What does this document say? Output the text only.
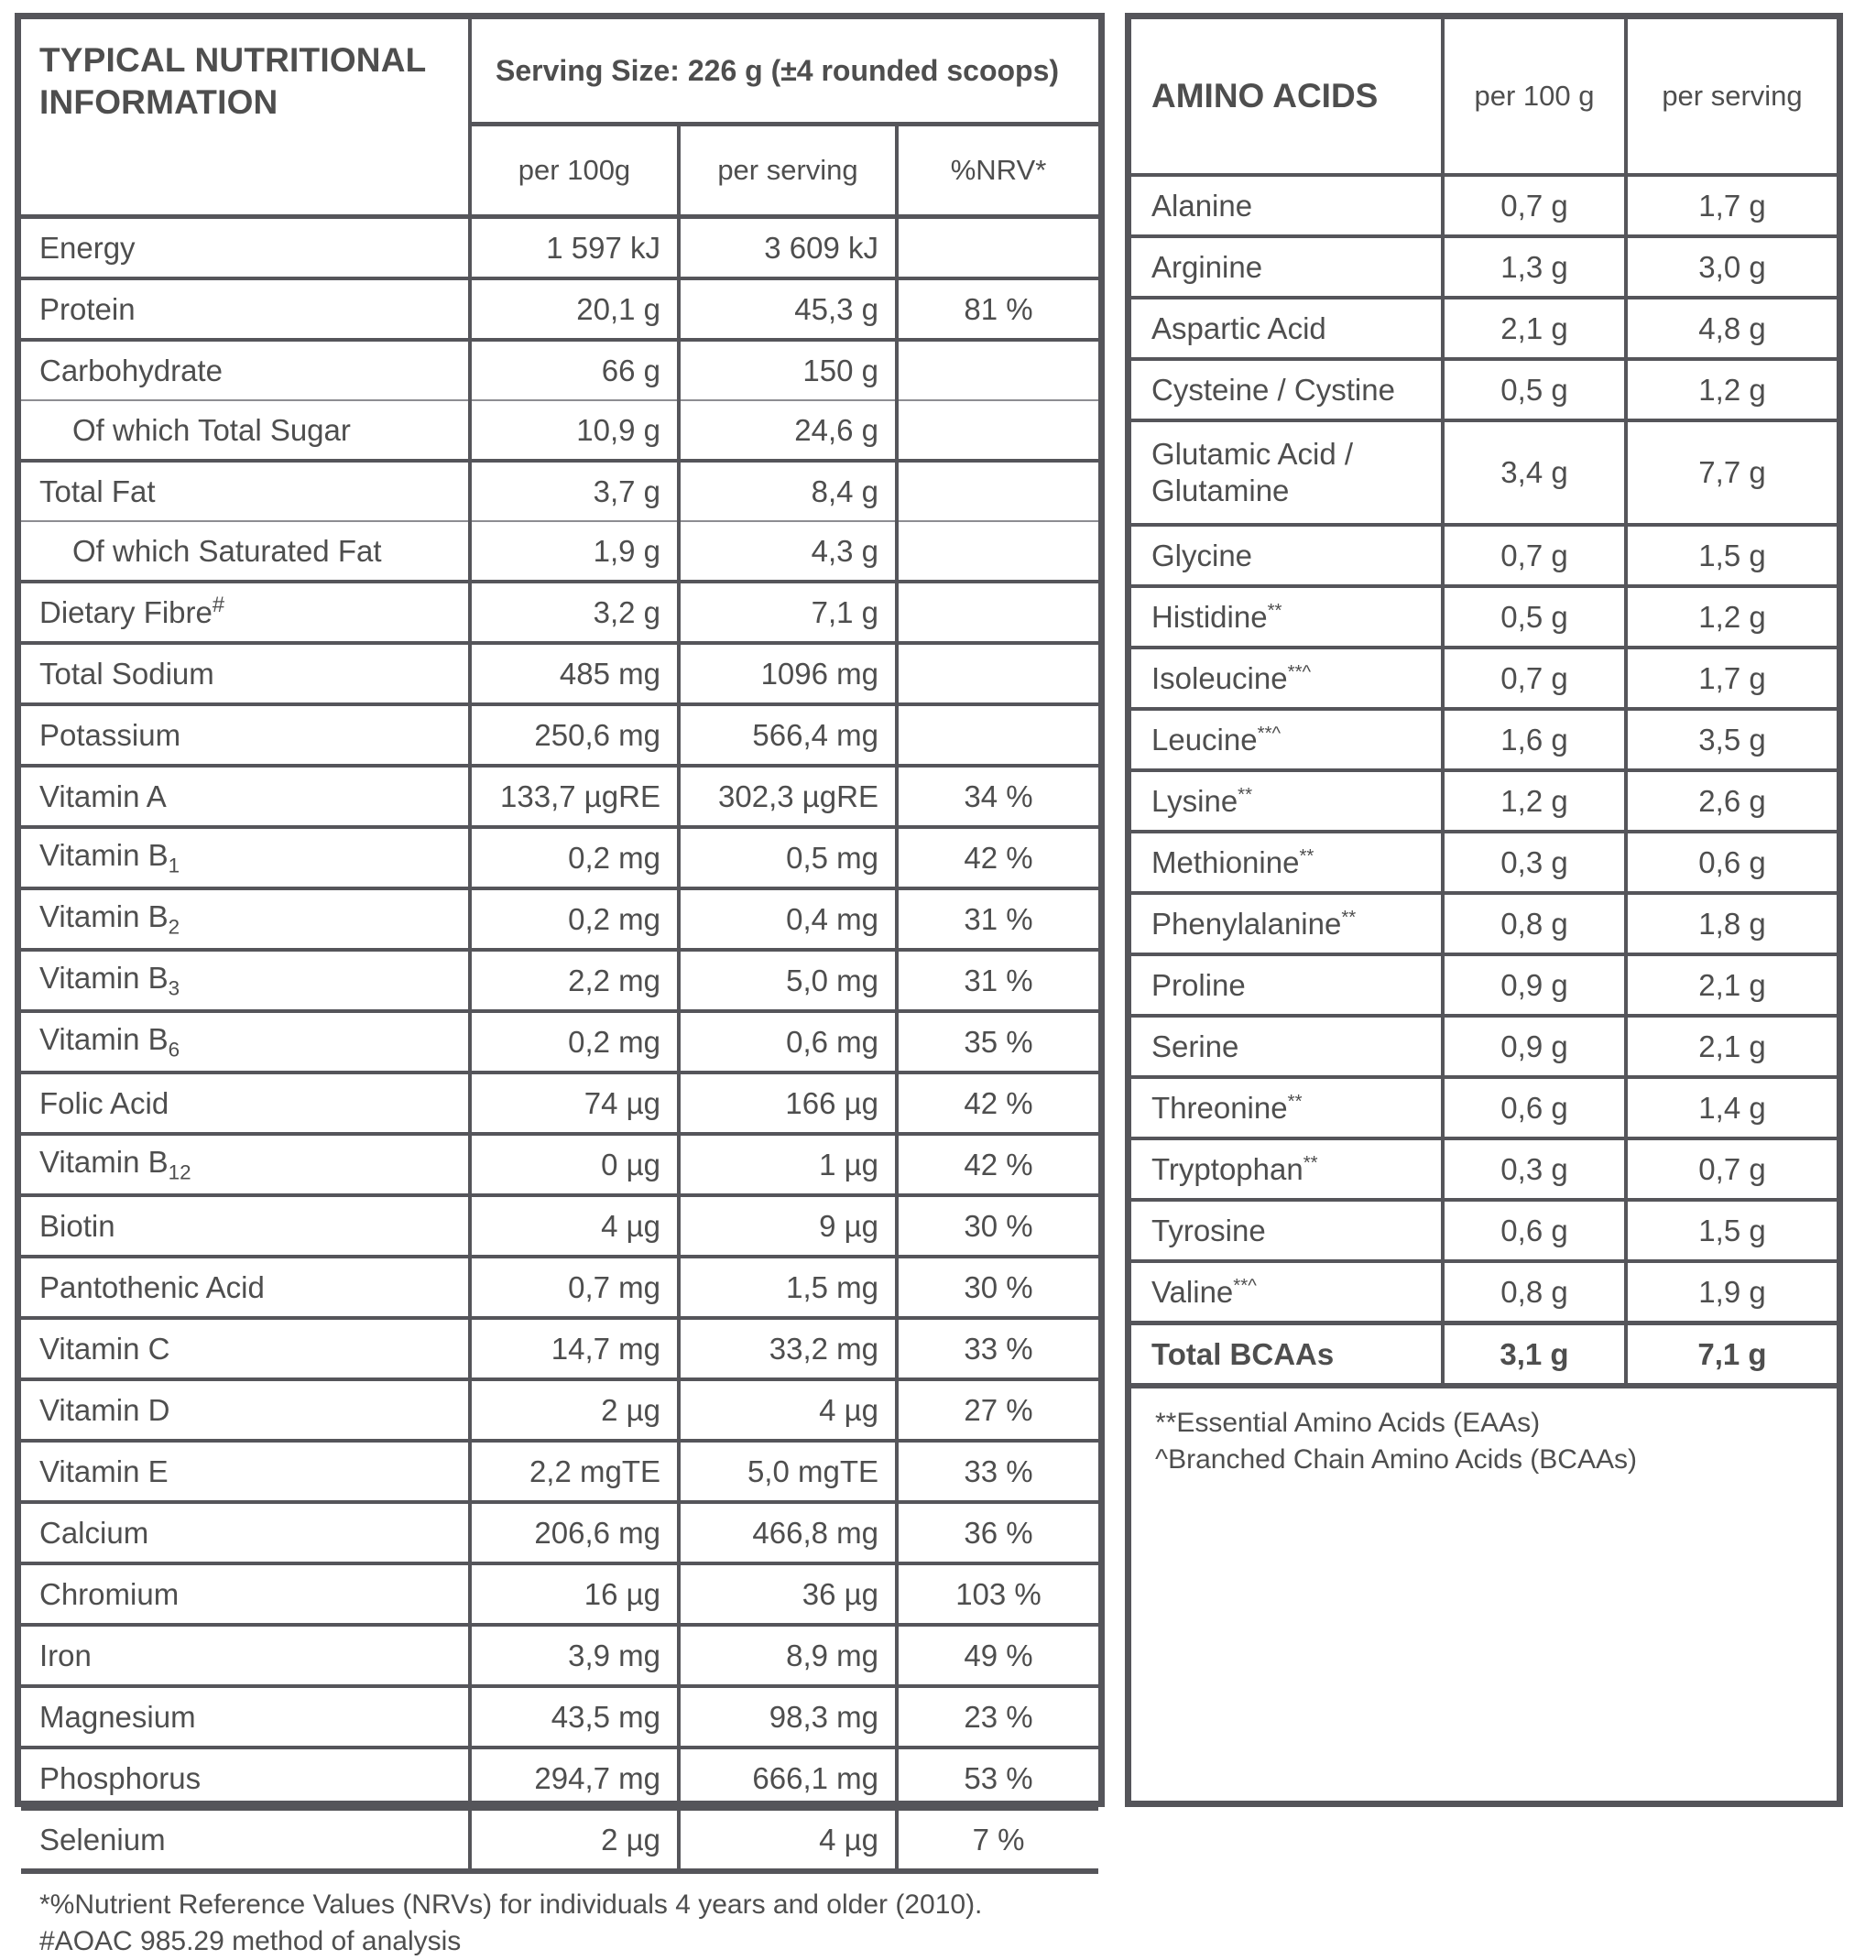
TYPICAL NUTRITIONAL INFORMATION	Serving Size: 226 g (±4 rounded scoops)		
	per 100g	per serving	%NRV*
Energy	1 597 kJ	3 609 kJ	
Protein	20,1 g	45,3 g	81 %
Carbohydrate	66 g	150 g	
Of which Total Sugar	10,9 g	24,6 g	
Total Fat	3,7 g	8,4 g	
Of which Saturated Fat	1,9 g	4,3 g	
Dietary Fibre#	3,2 g	7,1 g	
Total Sodium	485 mg	1096 mg	
Potassium	250,6 mg	566,4 mg	
Vitamin A	133,7 µgRE	302,3 µgRE	34 %
Vitamin $B_1$	0,2 mg	0,5 mg	42 %
Vitamin $B_2$	0,2 mg	0,4 mg	31 %
Vitamin $B_3$	2,2 mg	5,0 mg	31 %
Vitamin $B_6$	0,2 mg	0,6 mg	35 %
Folic Acid	74 µg	166 µg	42 %
Vitamin $B_{12}$	0 µg	1 µg	42 %
Biotin	4 µg	9 µg	30 %
Pantothenic Acid	0,7 mg	1,5 mg	30 %
Vitamin C	14,7 mg	33,2 mg	33 %
Vitamin D	2 µg	4 µg	27 %
Vitamin E	2,2 mgTE	5,0 mgTE	33 %
Calcium	206,6 mg	466,8 mg	36 %
Chromium	16 µg	36 µg	103 %
Iron	3,9 mg	8,9 mg	49 %
Magnesium	43,5 mg	98,3 mg	23 %
Phosphorus	294,7 mg	666,1 mg	53 %
Selenium	2 µg	4 µg	7 %
*%Nutrient Reference Values (NRVs) for individuals 4 years and older (2010).
#AOAC 985.29 method of analysis
AMINO ACIDS	per 100 g	per serving
Alanine	0,7 g	1,7 g
Arginine	1,3 g	3,0 g
Aspartic Acid	2,1 g	4,8 g
Cysteine / Cystine	0,5 g	1,2 g
Glutamic Acid /
Glutamine	3,4 g	7,7 g
Glycine	0,7 g	1,5 g
Histidine**	0,5 g	1,2 g
Isoleucine**^	0,7 g	1,7 g
Leucine**^	1,6 g	3,5 g
Lysine**	1,2 g	2,6 g
Methionine**	0,3 g	0,6 g
Phenylalanine**	0,8 g	1,8 g
Proline	0,9 g	2,1 g
Serine	0,9 g	2,1 g
Threonine**	0,6 g	1,4 g
Tryptophan**	0,3 g	0,7 g
Tyrosine	0,6 g	1,5 g
Valine**^	0,8 g	1,9 g
Total BCAAs	3,1 g	7,1 g
**Essential Amino Acids (EAAs)
^Branched Chain Amino Acids (BCAAs)
